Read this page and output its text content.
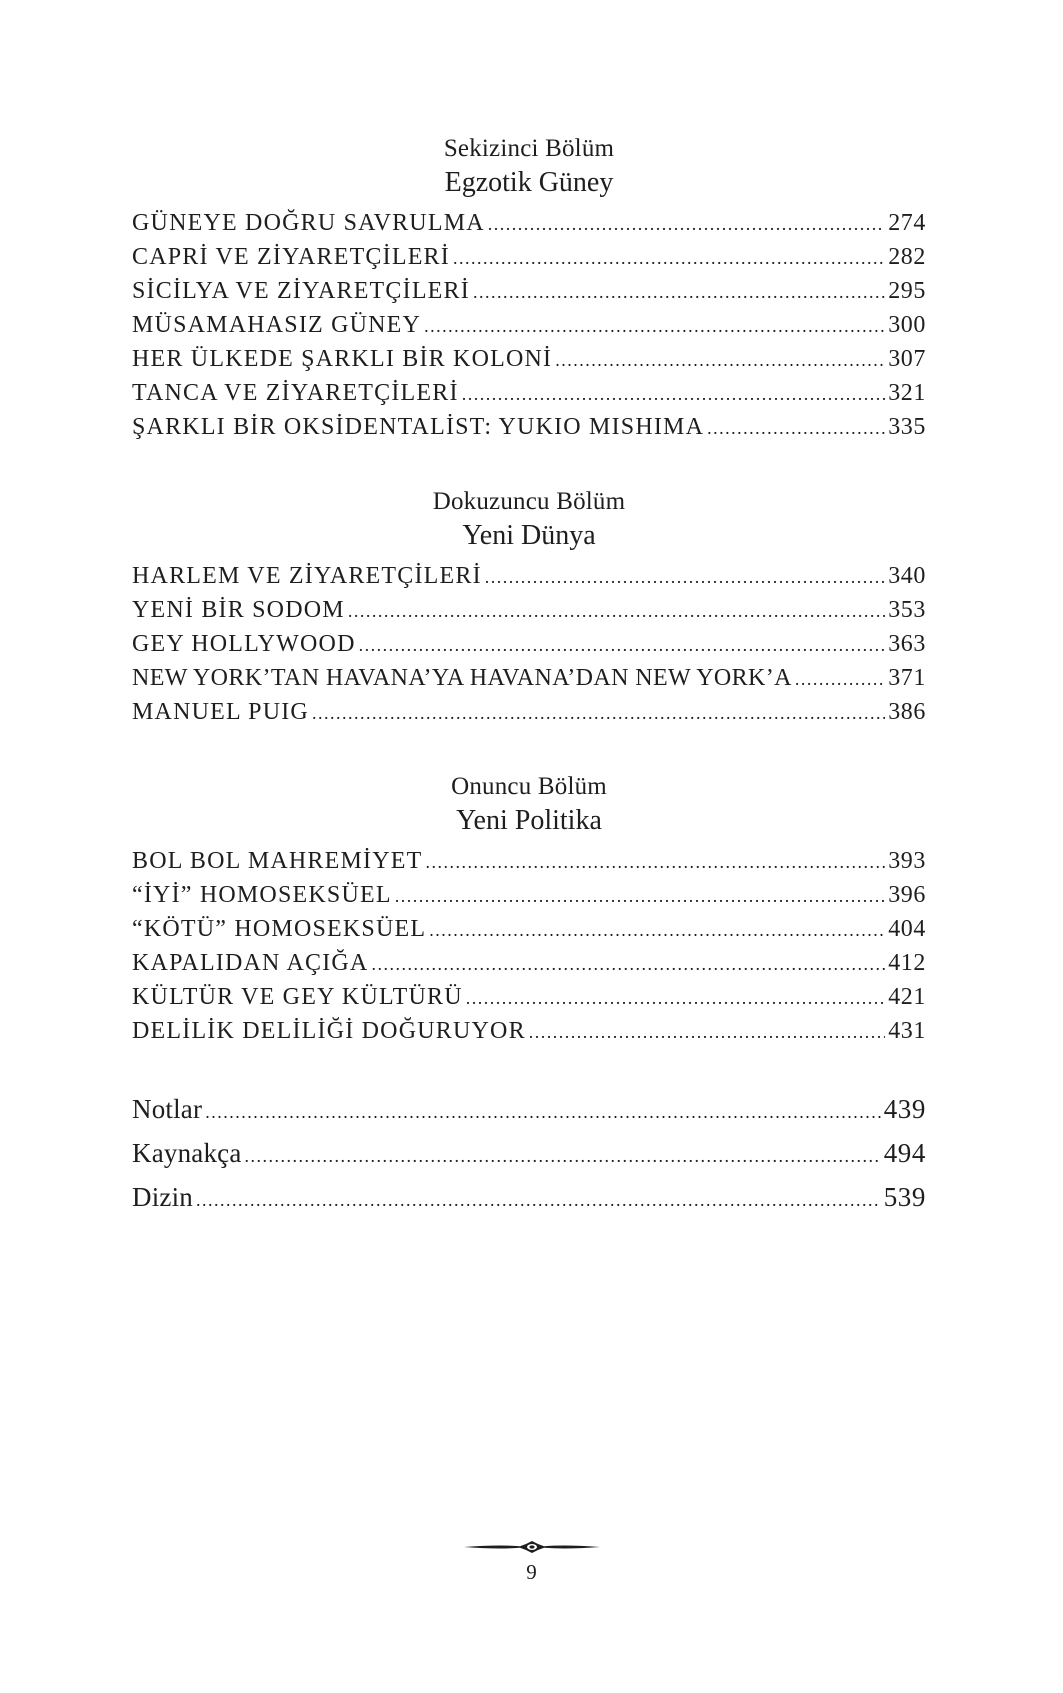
Sekizinci Bölüm
Egzotik Güney
GÜNEYE DOĞRU SAVRULMA .....	274
CAPRİ VE ZİYARETÇİLERİ .....	282
SİCİLYA VE ZİYARETÇİLERİ .....	295
MÜSAMAHASIZ GÜNEY .....	300
HER ÜLKEDE ŞARKLI BİR KOLONİ .....	307
TANCA VE ZİYARETÇİLERİ .....	321
ŞARKLI BİR OKSİDENTALİST: YUKIO MISHIMA .....	335
Dokuzuncu Bölüm
Yeni Dünya
HARLEM VE ZİYARETÇİLERİ .....	340
YENİ BİR SODOM .....	353
GEY HOLLYWOOD .....	363
NEW YORK’TAN HAVANA’YA HAVANA’DAN NEW YORK’A .....	371
MANUEL PUIG .....	386
Onuncu Bölüm
Yeni Politika
BOL BOL MAHREMİYET .....	393
“İYİ” HOMOSEKSÜEL .....	396
“KÖTÜ” HOMOSEKSÜEL .....	404
KAPALIDAN AÇIĞA .....	412
KÜLTÜR VE GEY KÜLTÜRÜ .....	421
DELİLİK DELİLİĞİ DOĞURUYOR .....	431
Notlar .....	439
Kaynakça .....	494
Dizin .....	539
9
